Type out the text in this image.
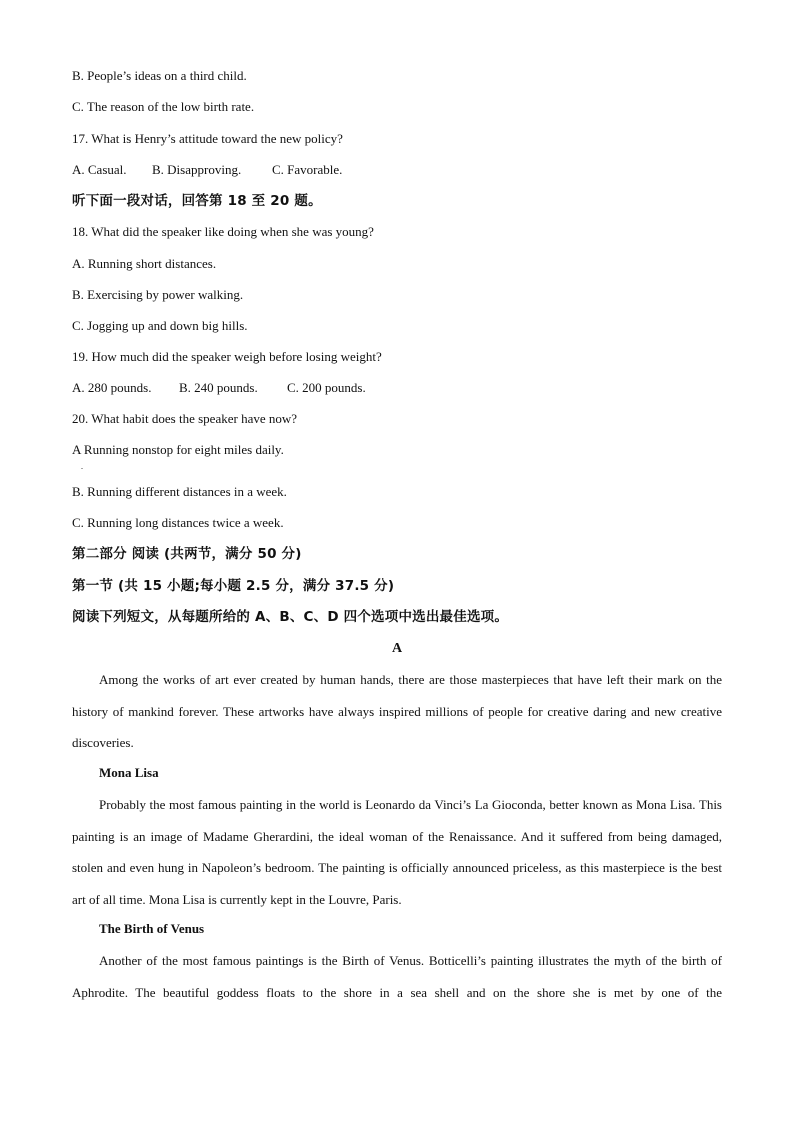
B. People’s ideas on a third child.
C. The reason of the low birth rate.
17. What is Henry’s attitude toward the new policy?
A. Casual. B. Disapproving. C. Favorable.
听下面一段对话，回答第 18 至 20 题。
18. What did the speaker like doing when she was young?
A. Running short distances.
B. Exercising by power walking.
C. Jogging up and down big hills.
19. How much did the speaker weigh before losing weight?
A. 280 pounds. B. 240 pounds. C. 200 pounds.
20. What habit does the speaker have now?
A Running nonstop for eight miles daily.
.
B. Running different distances in a week.
C. Running long distances twice a week.
第二部分 阅读 (共两节，满分 50 分)
第一节 (共 15 小题;每小题 2.5 分，满分 37.5 分)
阅读下列短文，从每题所给的 A、B、C、D 四个选项中选出最佳选项。
A
Among the works of art ever created by human hands, there are those masterpieces that have left their mark on the history of mankind forever. These artworks have always inspired millions of people for creative daring and new creative discoveries.
Mona Lisa
Probably the most famous painting in the world is Leonardo da Vinci’s La Gioconda, better known as Mona Lisa. This painting is an image of Madame Gherardini, the ideal woman of the Renaissance. And it suffered from being damaged, stolen and even hung in Napoleon’s bedroom. The painting is officially announced priceless, as this masterpiece is the best art of all time. Mona Lisa is currently kept in the Louvre, Paris.
The Birth of Venus
Another of the most famous paintings is the Birth of Venus. Botticelli’s painting illustrates the myth of the birth of Aphrodite. The beautiful goddess floats to the shore in a sea shell and on the shore she is met by one of the
